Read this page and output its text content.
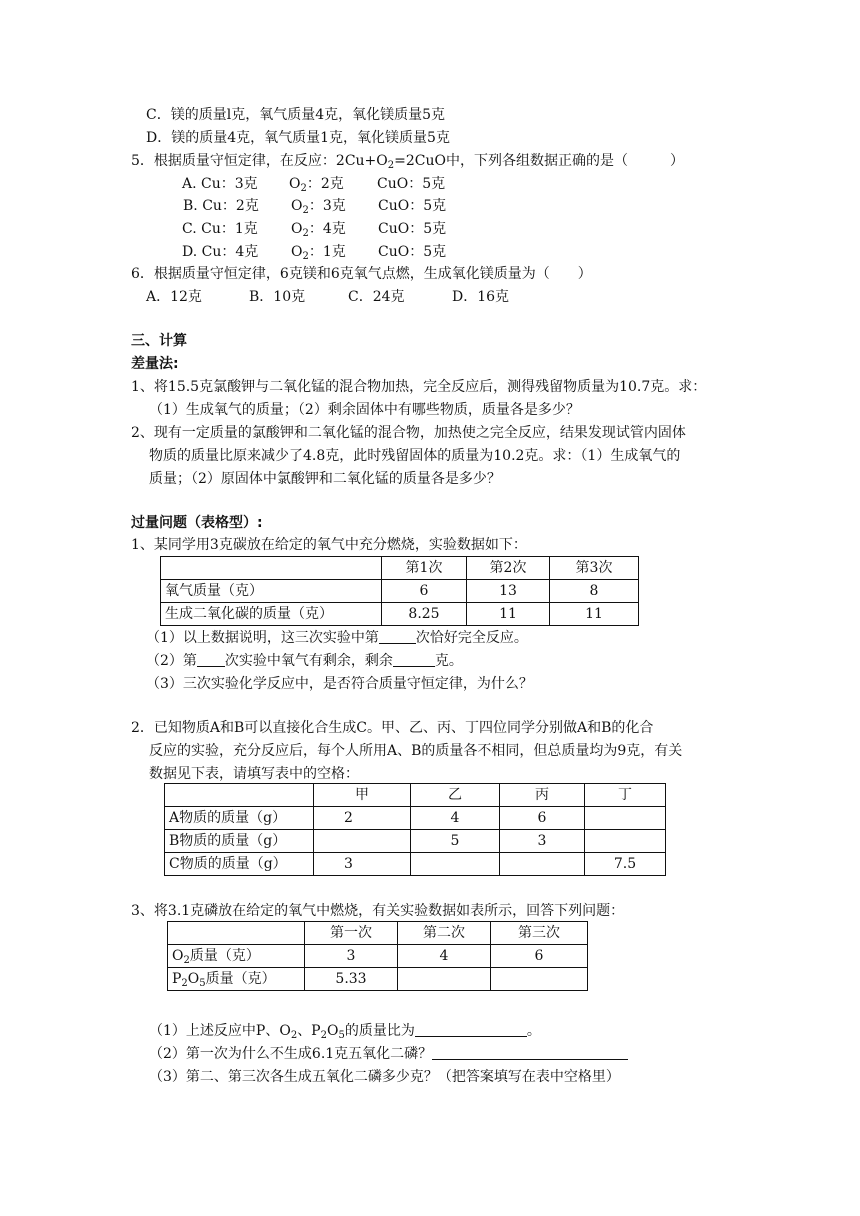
C．镁的质量l克，氧气质量4克，氧化镁质量5克
D．镁的质量4克，氧气质量1克，氧化镁质量5克
5．根据质量守恒定律，在反应：$2Cu+O_2=2CuO$中，下列各组数据正确的是（　　　）
A. Cu：3克 $O_2$：2克 CuO：5克
B. Cu：2克 $O_2$：3克 CuO：5克
C. Cu：1克 $O_2$：4克 CuO：5克
D. Cu：4克 $O_2$：1克 CuO：5克
6．根据质量守恒定律，6克镁和6克氧气点燃，生成氧化镁质量为（　　）
A．12克	B．10克	C．24克	D．16克
三、计算
差量法:
1、将15.5克氯酸钾与二氧化锰的混合物加热，完全反应后，测得残留物质量为10.7克。求：
（1）生成氧气的质量；（2）剩余固体中有哪些物质，质量各是多少？
2、现有一定质量的氯酸钾和二氧化锰的混合物，加热使之完全反应，结果发现试管内固体
物质的质量比原来减少了4.8克，此时残留固体的质量为10.2克。求：（1）生成氧气的
质量；（2）原固体中氯酸钾和二氧化锰的质量各是多少？
过量问题（表格型）:
1、某同学用3克碳放在给定的氧气中充分燃烧，实验数据如下：
	第1次	第2次	第3次
氧气质量（克）	6	13	8
生成二氧化碳的质量（克）	8.25	11	11
（1）以上数据说明，这三次实验中第	次恰好完全反应。
（2）第 次实验中氧气有剩余，剩余	克。
（3）三次实验化学反应中，是否符合质量守恒定律，为什么？
2．已知物质A和B可以直接化合生成C。甲、乙、丙、丁四位同学分别做A和B的化合
反应的实验，充分反应后，每个人所用A、B的质量各不相同，但总质量均为9克，有关
数据见下表，请填写表中的空格：
	甲	乙	丙	丁
A物质的质量（g）	2	4	6	
B物质的质量（g）		5	3	
C物质的质量（g）	3			7.5
3、将3.1克磷放在给定的氧气中燃烧，有关实验数据如表所示，回答下列问题：
	第一次	第二次	第三次
$O_2$质量（克）	3	4	6
$P_2O_5$质量（克）	5.33		
（1）上述反应中P、$O_2$、$P_2O_5$的质量比为	。
（2）第一次为什么不生成6.1克五氧化二磷？
（3）第二、第三次各生成五氧化二磷多少克？（把答案填写在表中空格里）
